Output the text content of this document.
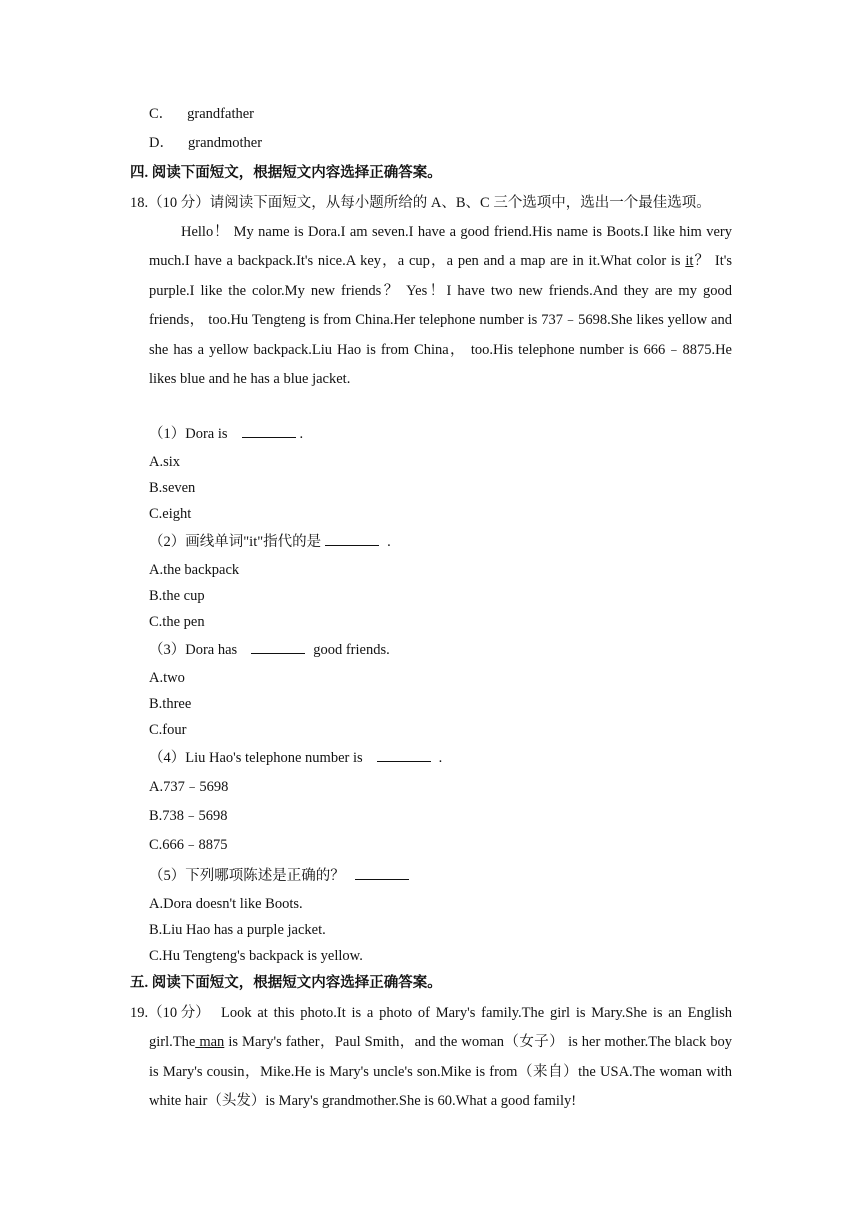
C． grandfather
D． grandmother
四. 阅读下面短文，根据短文内容选择正确答案。
18.（10 分）请阅读下面短文，从每小题所给的 A、B、C 三个选项中，选出一个最佳选项。
Hello！ My name is Dora.I am seven.I have a good friend.His name is Boots.I like him very much.I have a backpack.It's nice.A key，a cup，a pen and a map are in it.What color is it？ It's purple.I like the color.My new friends？ Yes！I have two new friends.And they are my good friends， too.Hu Tengteng is from China.Her telephone number is 737﹣5698.She likes yellow and she has a yellow backpack.Liu Hao is from China， too.His telephone number is 666﹣8875.He likes blue and he has a blue jacket.
（1）Dora is	.
A.six
B.seven
C.eight
（2）画线单词"it"指代的是	.
A.the backpack
B.the cup
C.the pen
（3）Dora has	good friends.
A.two
B.three
C.four
（4）Liu Hao's telephone number is	.
A.737﹣5698
B.738﹣5698
C.666﹣8875
（5）下列哪项陈述是正确的？
A.Dora doesn't like Boots.
B.Liu Hao has a purple jacket.
C.Hu Tengteng's backpack is yellow.
五. 阅读下面短文，根据短文内容选择正确答案。
19.（10 分） Look at this photo.It is a photo of Mary's family.The girl is Mary.She is an English girl.The man is Mary's father，Paul Smith，and the woman（女子） is her mother.The black boy is Mary's cousin，Mike.He is Mary's uncle's son.Mike is from（来自）the USA.The woman with white hair（头发）is Mary's grandmother.She is 60.What a good family!
